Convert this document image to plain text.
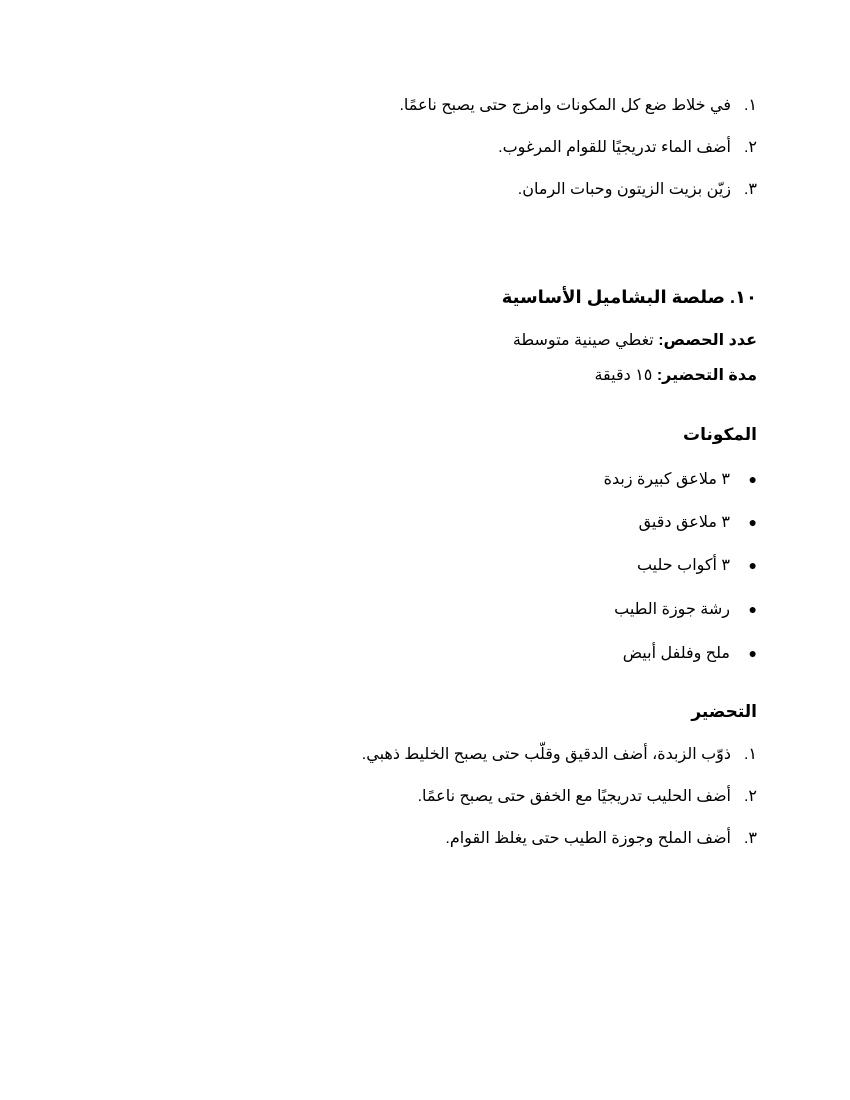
١.في خلاط ضع كل المكونات وامزج حتى يصبح ناعمًا.
٢.أضف الماء تدريجيًا للقوام المرغوب.
٣.زيّن بزيت الزيتون وحبات الرمان.
١٠. صلصة البشاميل الأساسية
عدد الحصص: تغطي صينية متوسطة
مدة التحضير: ١٥ دقيقة
المكونات
●٣ ملاعق كبيرة زبدة
●٣ ملاعق دقيق
●٣ أكواب حليب
●رشة جوزة الطيب
●ملح وفلفل أبيض
التحضير
١.ذوّب الزبدة، أضف الدقيق وقلّب حتى يصبح الخليط ذهبي.
٢.أضف الحليب تدريجيًا مع الخفق حتى يصبح ناعمًا.
٣.أضف الملح وجوزة الطيب حتى يغلظ القوام.
